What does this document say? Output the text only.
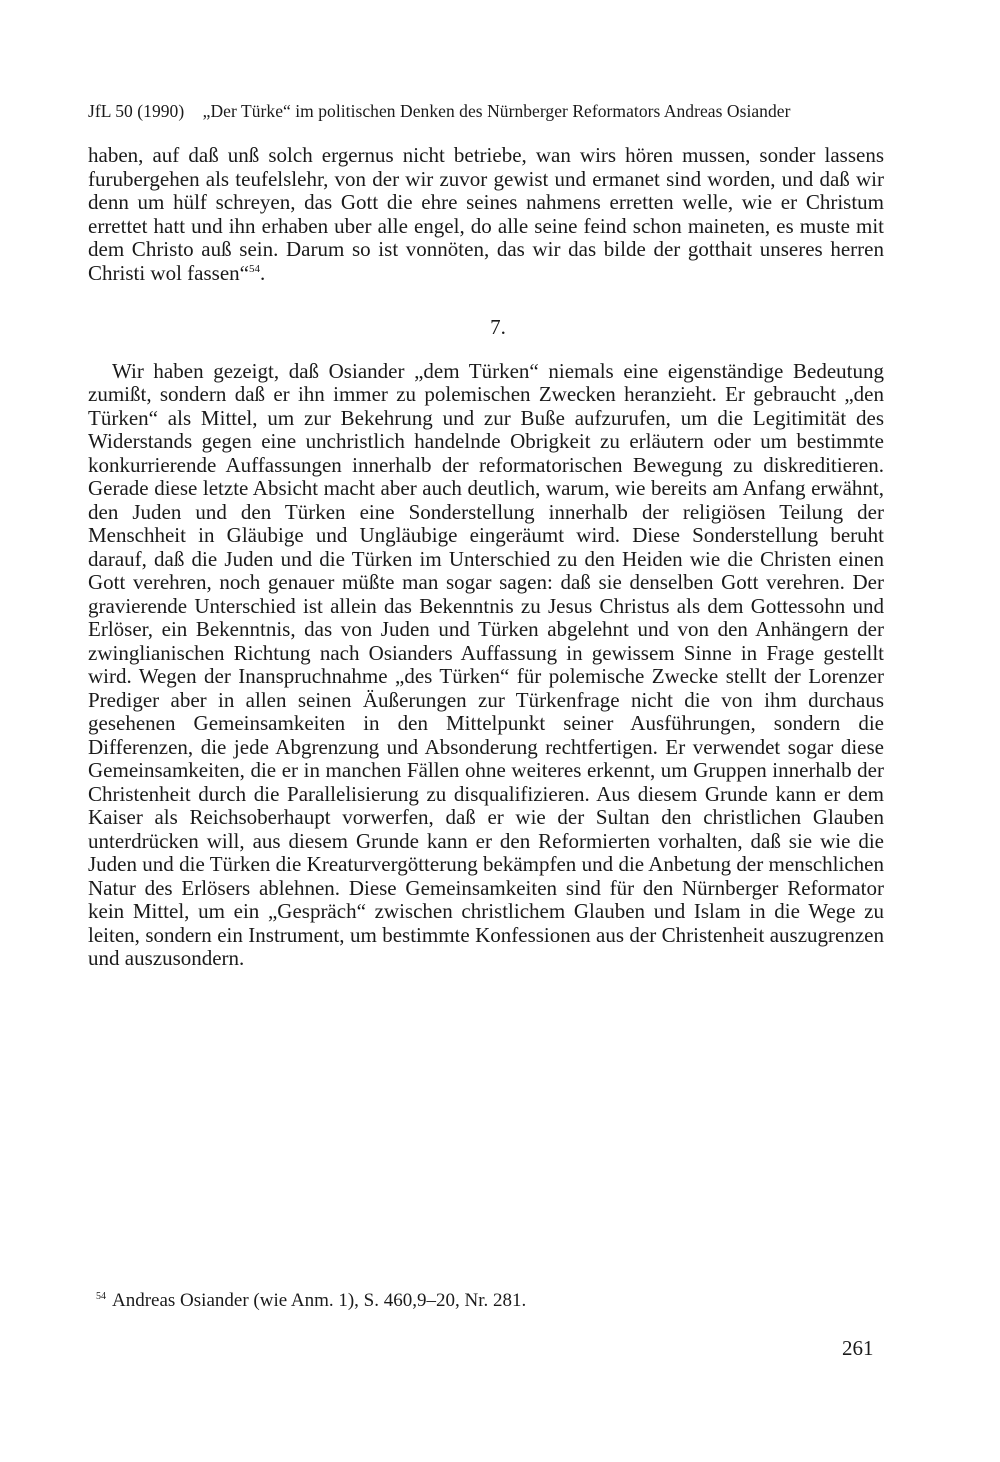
JfL 50 (1990) „Der Türke“ im politischen Denken des Nürnberger Reformators Andreas Osiander

haben, auf daß unß solch ergernus nicht betriebe, wan wirs hören mussen, sonder lassens furubergehen als teufelslehr, von der wir zuvor gewist und ermanet sind worden, und daß wir denn um hülf schreyen, das Gott die ehre seines nahmens erretten welle, wie er Christum errettet hatt und ihn erhaben uber alle engel, do alle seine feind schon maineten, es muste mit dem Christo auß sein. Darum so ist vonnöten, das wir das bilde der gotthait unseres herren Christi wol fassen“$^{54}$.

7.

Wir haben gezeigt, daß Osiander „dem Türken“ niemals eine eigenständige Bedeutung zumißt, sondern daß er ihn immer zu polemischen Zwecken heranzieht. Er gebraucht „den Türken“ als Mittel, um zur Bekehrung und zur Buße aufzurufen, um die Legitimität des Widerstands gegen eine unchristlich handelnde Obrigkeit zu erläutern oder um bestimmte konkurrierende Auffassungen innerhalb der reformatorischen Bewegung zu diskreditieren. Gerade diese letzte Absicht macht aber auch deutlich, warum, wie bereits am Anfang erwähnt, den Juden und den Türken eine Sonderstellung innerhalb der religiösen Teilung der Menschheit in Gläubige und Ungläubige eingeräumt wird. Diese Sonderstellung beruht darauf, daß die Juden und die Türken im Unterschied zu den Heiden wie die Christen einen Gott verehren, noch genauer müßte man sogar sagen: daß sie denselben Gott verehren. Der gravierende Unterschied ist allein das Bekenntnis zu Jesus Christus als dem Gottessohn und Erlöser, ein Bekenntnis, das von Juden und Türken abgelehnt und von den Anhängern der zwinglianischen Richtung nach Osianders Auffassung in gewissem Sinne in Frage gestellt wird. Wegen der Inanspruchnahme „des Türken“ für polemische Zwecke stellt der Lorenzer Prediger aber in allen seinen Äußerungen zur Türkenfrage nicht die von ihm durchaus gesehenen Gemeinsamkeiten in den Mittelpunkt seiner Ausführungen, sondern die Differenzen, die jede Abgrenzung und Absonderung rechtfertigen. Er verwendet sogar diese Gemeinsamkeiten, die er in manchen Fällen ohne weiteres erkennt, um Gruppen innerhalb der Christenheit durch die Parallelisierung zu disqualifizieren. Aus diesem Grunde kann er dem Kaiser als Reichsoberhaupt vorwerfen, daß er wie der Sultan den christlichen Glauben unterdrücken will, aus diesem Grunde kann er den Reformierten vorhalten, daß sie wie die Juden und die Türken die Kreaturvergötterung bekämpfen und die Anbetung der menschlichen Natur des Erlösers ablehnen. Diese Gemeinsamkeiten sind für den Nürnberger Reformator kein Mittel, um ein „Gespräch“ zwischen christlichem Glauben und Islam in die Wege zu leiten, sondern ein Instrument, um bestimmte Konfessionen aus der Christenheit auszugrenzen und auszusondern.

$^{54}$ Andreas Osiander (wie Anm. 1), S. 460,9–20, Nr. 281.
261
